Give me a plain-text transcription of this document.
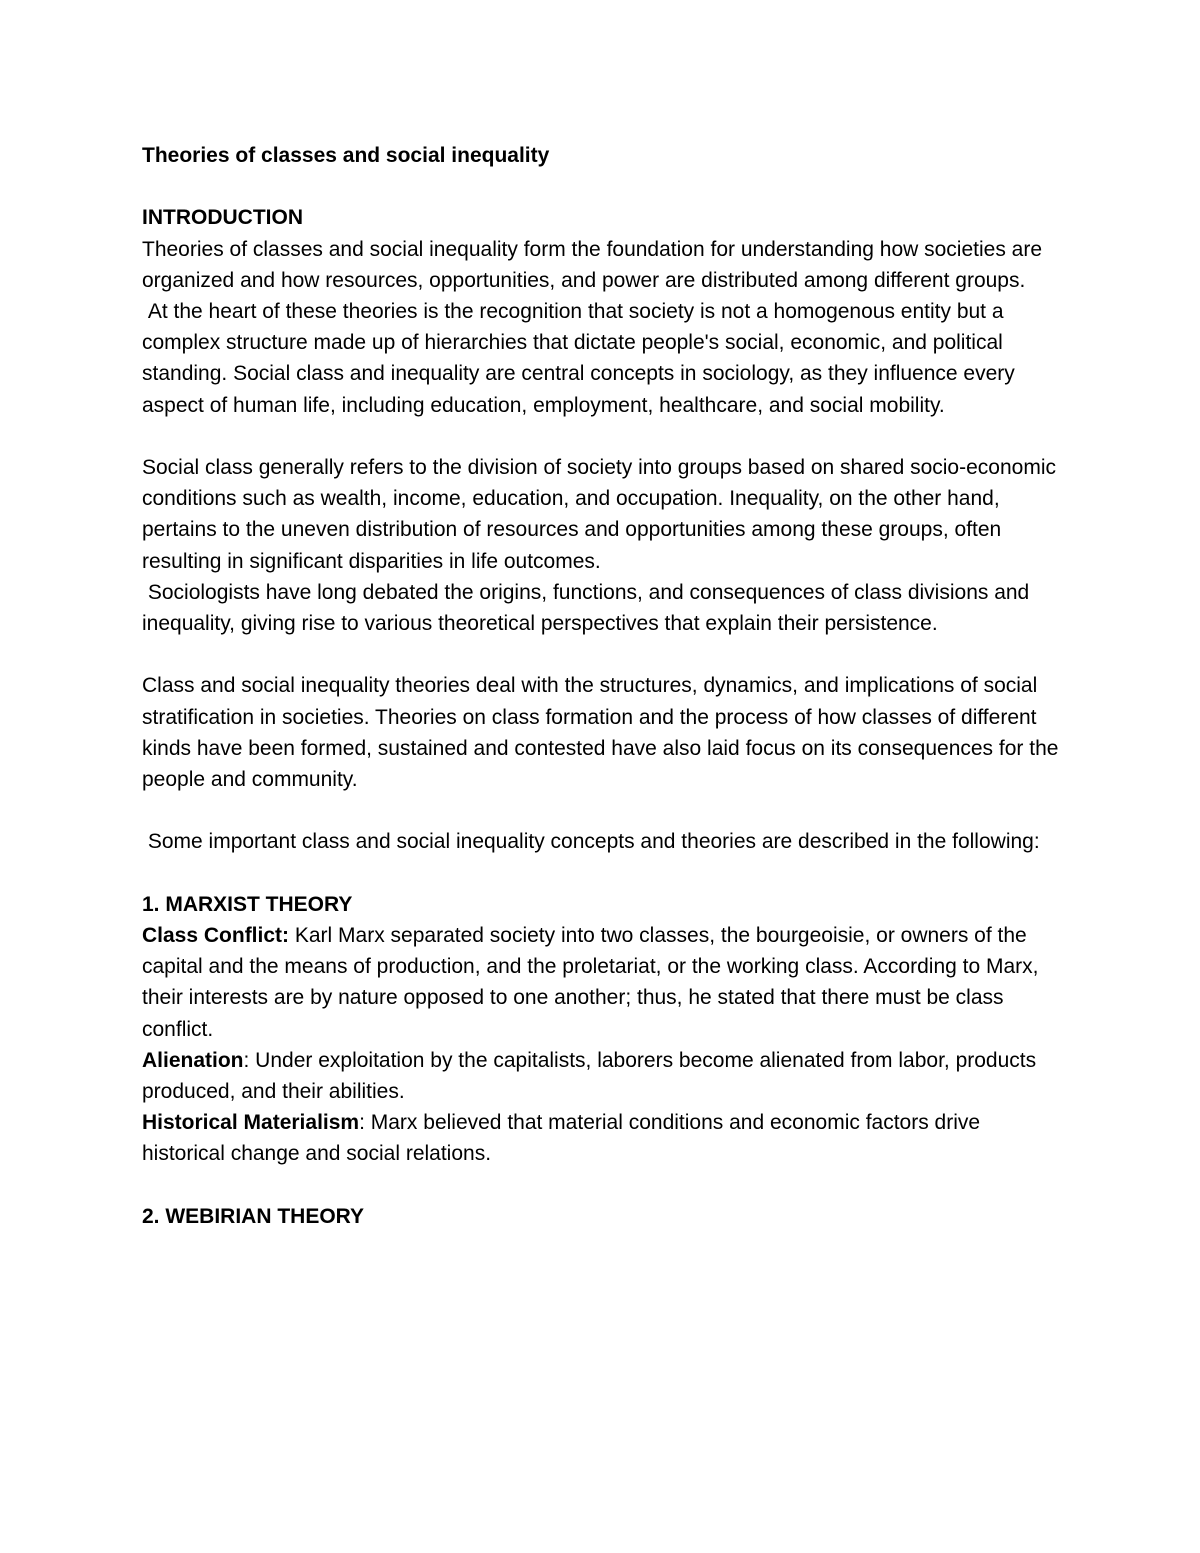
Theories of classes and social inequality

INTRODUCTION

Theories of classes and social inequality form the foundation for understanding how societies are organized and how resources, opportunities, and power are distributed among different groups.

At the heart of these theories is the recognition that society is not a homogenous entity but a complex structure made up of hierarchies that dictate people's social, economic, and political standing. Social class and inequality are central concepts in sociology, as they influence every aspect of human life, including education, employment, healthcare, and social mobility.

Social class generally refers to the division of society into groups based on shared socio-economic conditions such as wealth, income, education, and occupation. Inequality, on the other hand, pertains to the uneven distribution of resources and opportunities among these groups, often resulting in significant disparities in life outcomes.

Sociologists have long debated the origins, functions, and consequences of class divisions and inequality, giving rise to various theoretical perspectives that explain their persistence.

Class and social inequality theories deal with the structures, dynamics, and implications of social stratification in societies. Theories on class formation and the process of how classes of different kinds have been formed, sustained and contested have also laid focus on its consequences for the people and community.

Some important class and social inequality concepts and theories are described in the following:

1. MARXIST THEORY

Class Conflict: Karl Marx separated society into two classes, the bourgeoisie, or owners of the capital and the means of production, and the proletariat, or the working class. According to Marx, their interests are by nature opposed to one another; thus, he stated that there must be class conflict.

Alienation: Under exploitation by the capitalists, laborers become alienated from labor, products produced, and their abilities.

Historical Materialism: Marx believed that material conditions and economic factors drive historical change and social relations.

2. WEBIRIAN THEORY
